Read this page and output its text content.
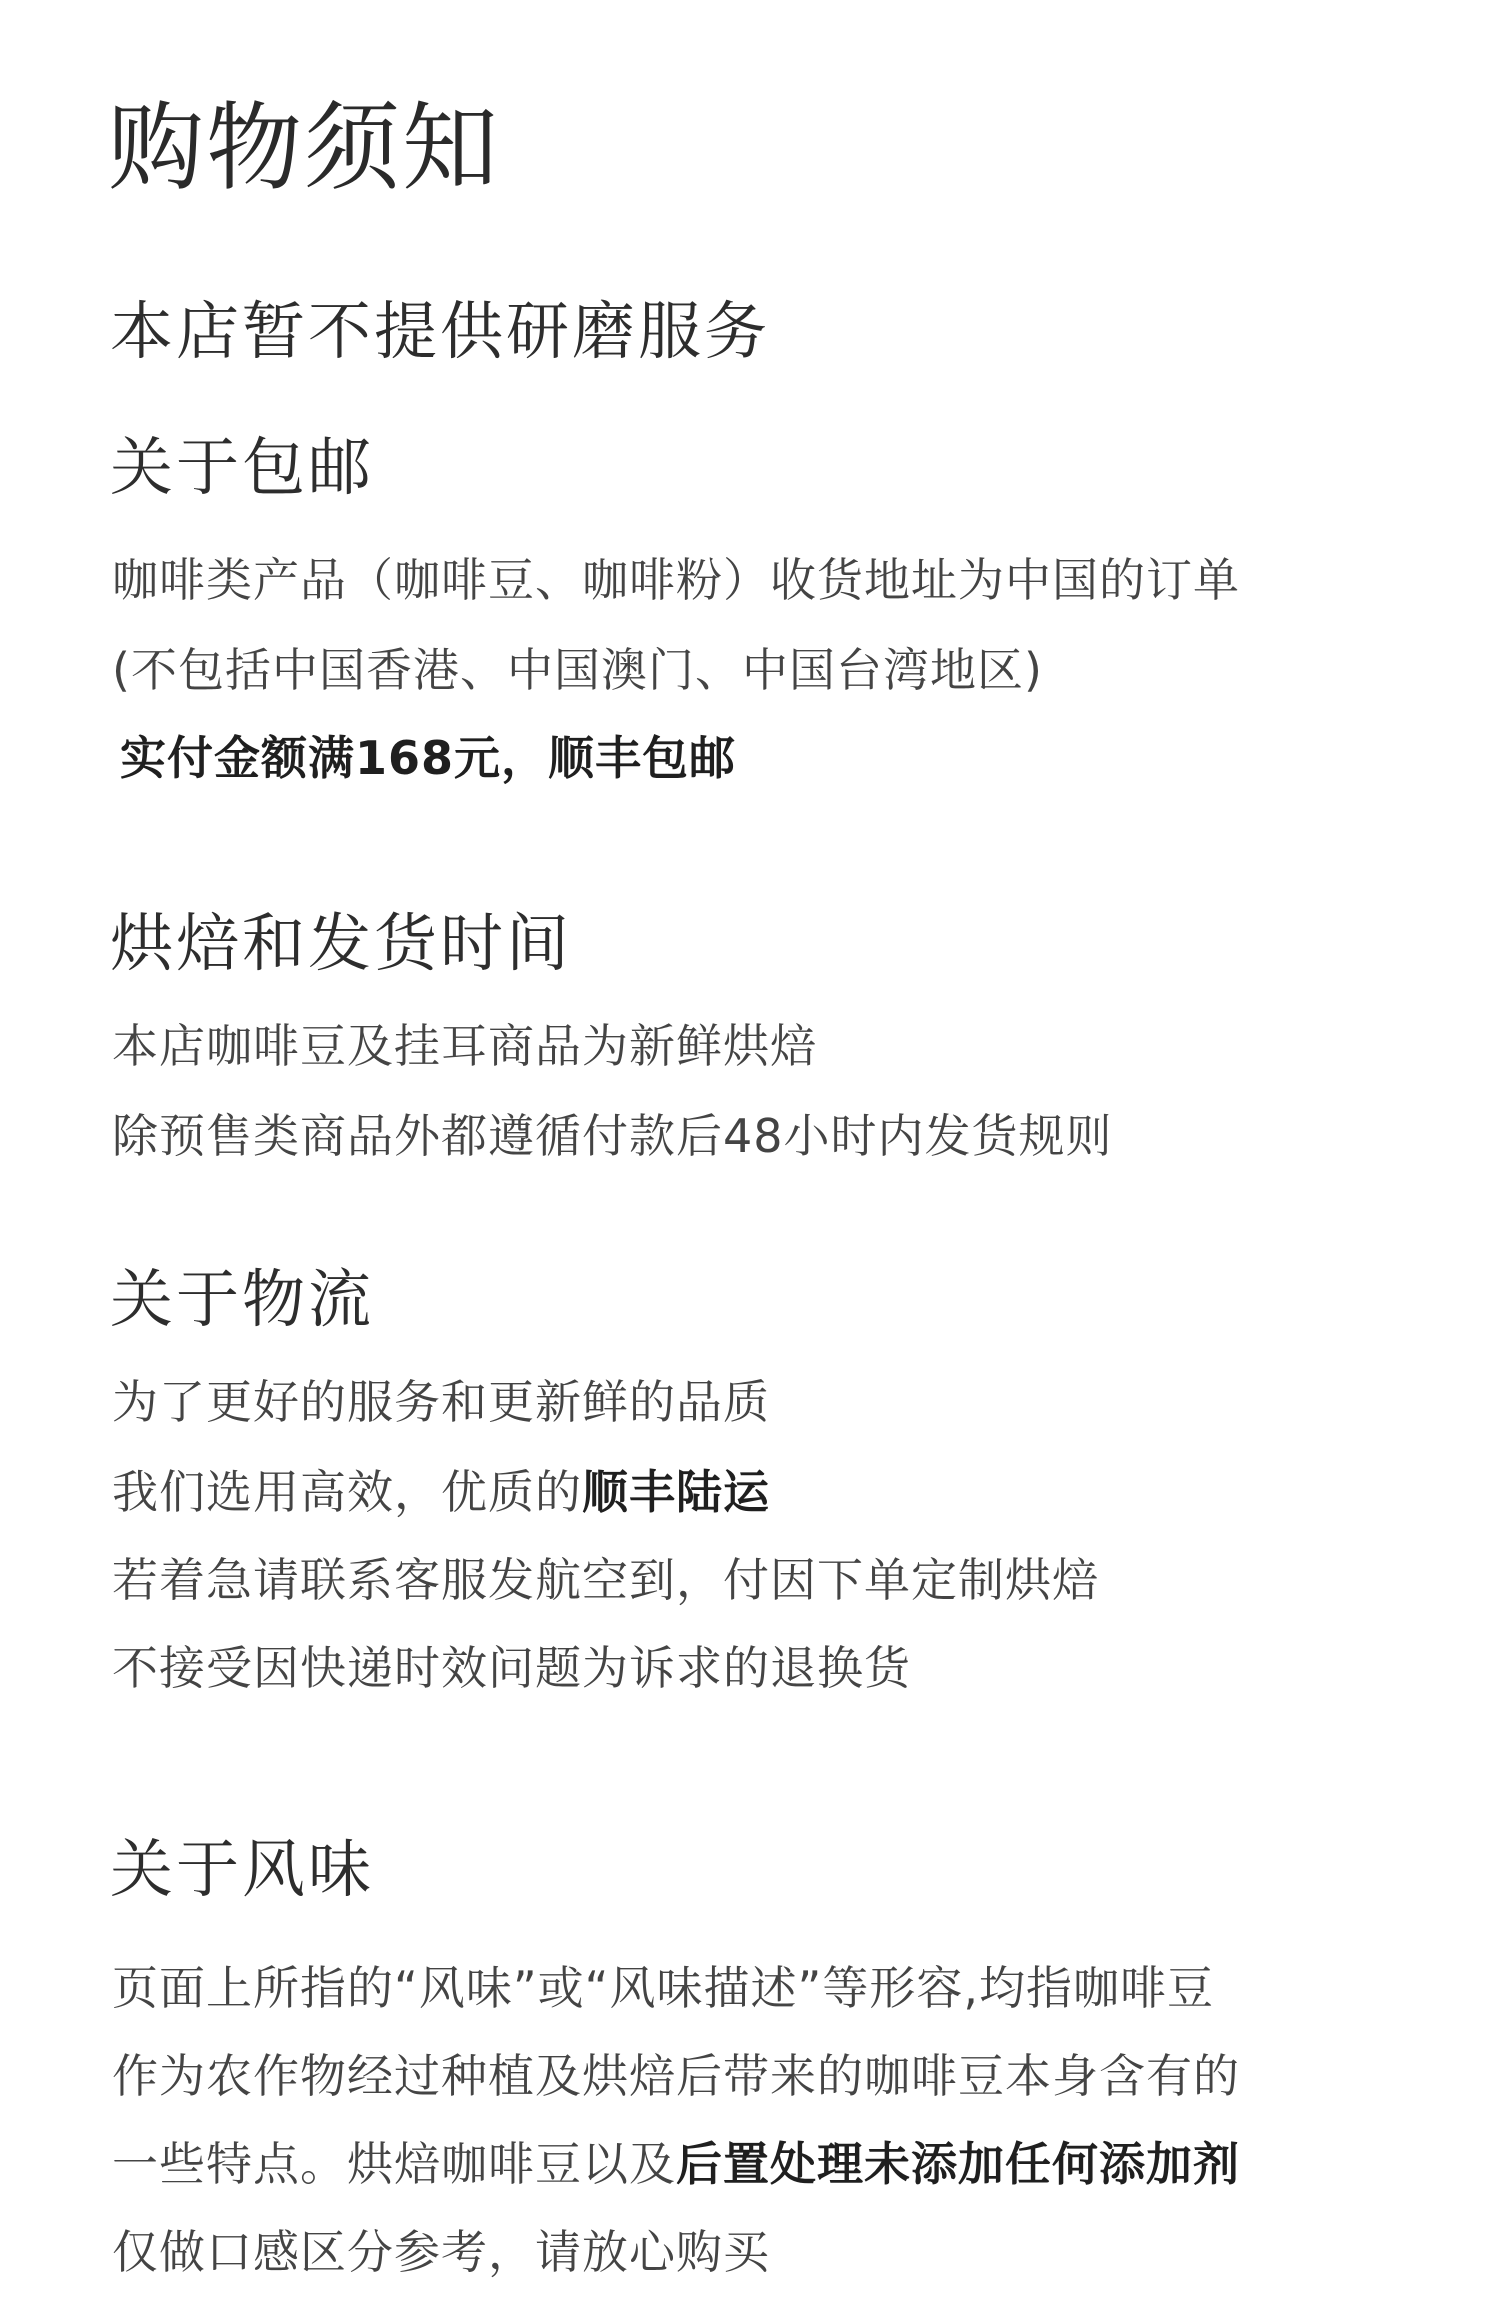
购物须知
本店暂不提供研磨服务
关于包邮

咖啡类产品（咖啡豆、咖啡粉）收货地址为中国的订单

(不包括中国香港、中国澳门、中国台湾地区)

实付金额满168元，顺丰包邮

烘焙和发货时间

本店咖啡豆及挂耳商品为新鲜烘焙

除预售类商品外都遵循付款后48小时内发货规则

关于物流

为了更好的服务和更新鲜的品质

我们选用高效，优质的顺丰陆运

若着急请联系客服发航空到，付因下单定制烘焙

不接受因快递时效问题为诉求的退换货

关于风味

页面上所指的“风味”或“风味描述”等形容,均指咖啡豆

作为农作物经过种植及烘焙后带来的咖啡豆本身含有的

一些特点。烘焙咖啡豆以及后置处理未添加任何添加剂

仅做口感区分参考，请放心购买
